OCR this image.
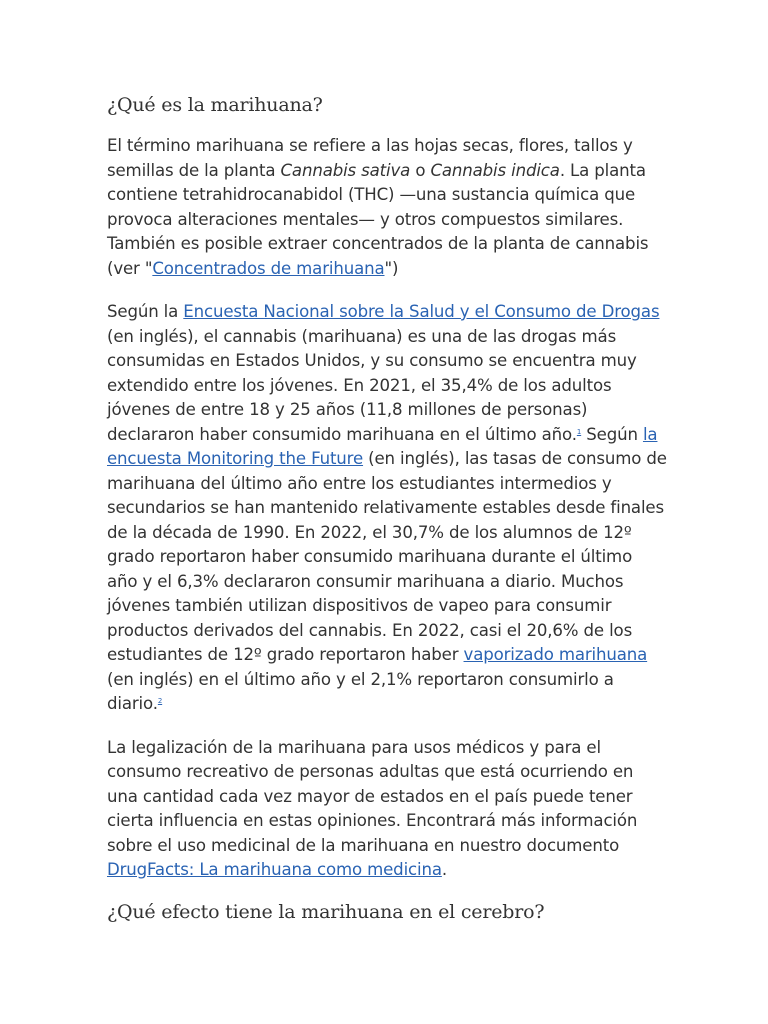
¿Qué es la marihuana?

El término marihuana se refiere a las hojas secas, flores, tallos y semillas de la planta Cannabis sativa o Cannabis indica. La planta contiene tetrahidrocanabidol (THC) —una sustancia química que provoca alteraciones mentales— y otros compuestos similares. También es posible extraer concentrados de la planta de cannabis (ver "Concentrados de marihuana")

Según la Encuesta Nacional sobre la Salud y el Consumo de Drogas (en inglés), el cannabis (marihuana) es una de las drogas más consumidas en Estados Unidos, y su consumo se encuentra muy extendido entre los jóvenes. En 2021, el 35,4% de los adultos jóvenes de entre 18 y 25 años (11,8 millones de personas) declararon haber consumido marihuana en el último año.$^1$ Según la encuesta Monitoring the Future (en inglés), las tasas de consumo de marihuana del último año entre los estudiantes intermedios y secundarios se han mantenido relativamente estables desde finales de la década de 1990. En 2022, el 30,7% de los alumnos de 12º grado reportaron haber consumido marihuana durante el último año y el 6,3% declararon consumir marihuana a diario. Muchos jóvenes también utilizan dispositivos de vapeo para consumir productos derivados del cannabis. En 2022, casi el 20,6% de los estudiantes de 12º grado reportaron haber vaporizado marihuana (en inglés) en el último año y el 2,1% reportaron consumirlo a diario.$^2$

La legalización de la marihuana para usos médicos y para el consumo recreativo de personas adultas que está ocurriendo en una cantidad cada vez mayor de estados en el país puede tener cierta influencia en estas opiniones. Encontrará más información sobre el uso medicinal de la marihuana en nuestro documento DrugFacts: La marihuana como medicina.

¿Qué efecto tiene la marihuana en el cerebro?
